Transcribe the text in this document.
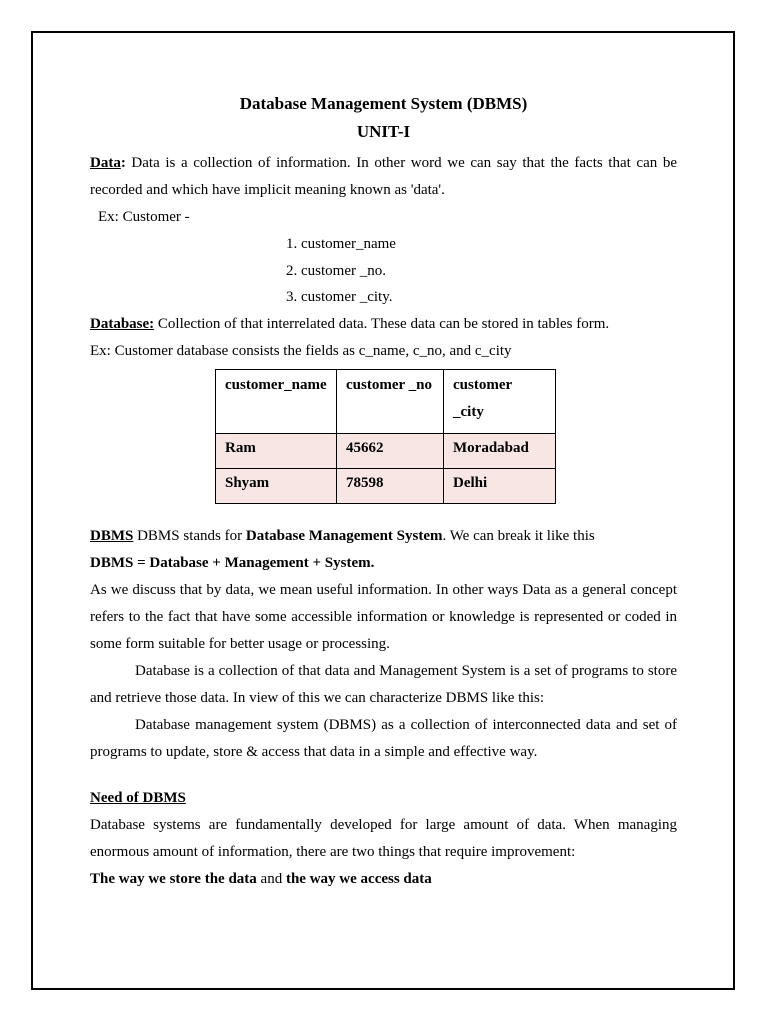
Database Management System (DBMS)

UNIT-I

Data: Data is a collection of information. In other word we can say that the facts that can be recorded and which have implicit meaning known as 'data'.

Ex: Customer -

1. customer_name
2. customer _no.
3. customer _city.

Database: Collection of that interrelated data. These data can be stored in tables form.

Ex: Customer database consists the fields as c_name, c_no, and c_city

customer_name	customer _no	customer _city
Ram	45662	Moradabad
Shyam	78598	Delhi

DBMS DBMS stands for Database Management System. We can break it like this

DBMS = Database + Management + System.

As we discuss that by data, we mean useful information. In other ways Data as a general concept refers to the fact that have some accessible information or knowledge is represented or coded in some form suitable for better usage or processing.

Database is a collection of that data and Management System is a set of programs to store and retrieve those data. In view of this we can characterize DBMS like this:

Database management system (DBMS) as a collection of interconnected data and set of programs to update, store & access that data in a simple and effective way.

Need of DBMS

Database systems are fundamentally developed for large amount of data. When managing enormous amount of information, there are two things that require improvement:

The way we store the data and the way we access data
